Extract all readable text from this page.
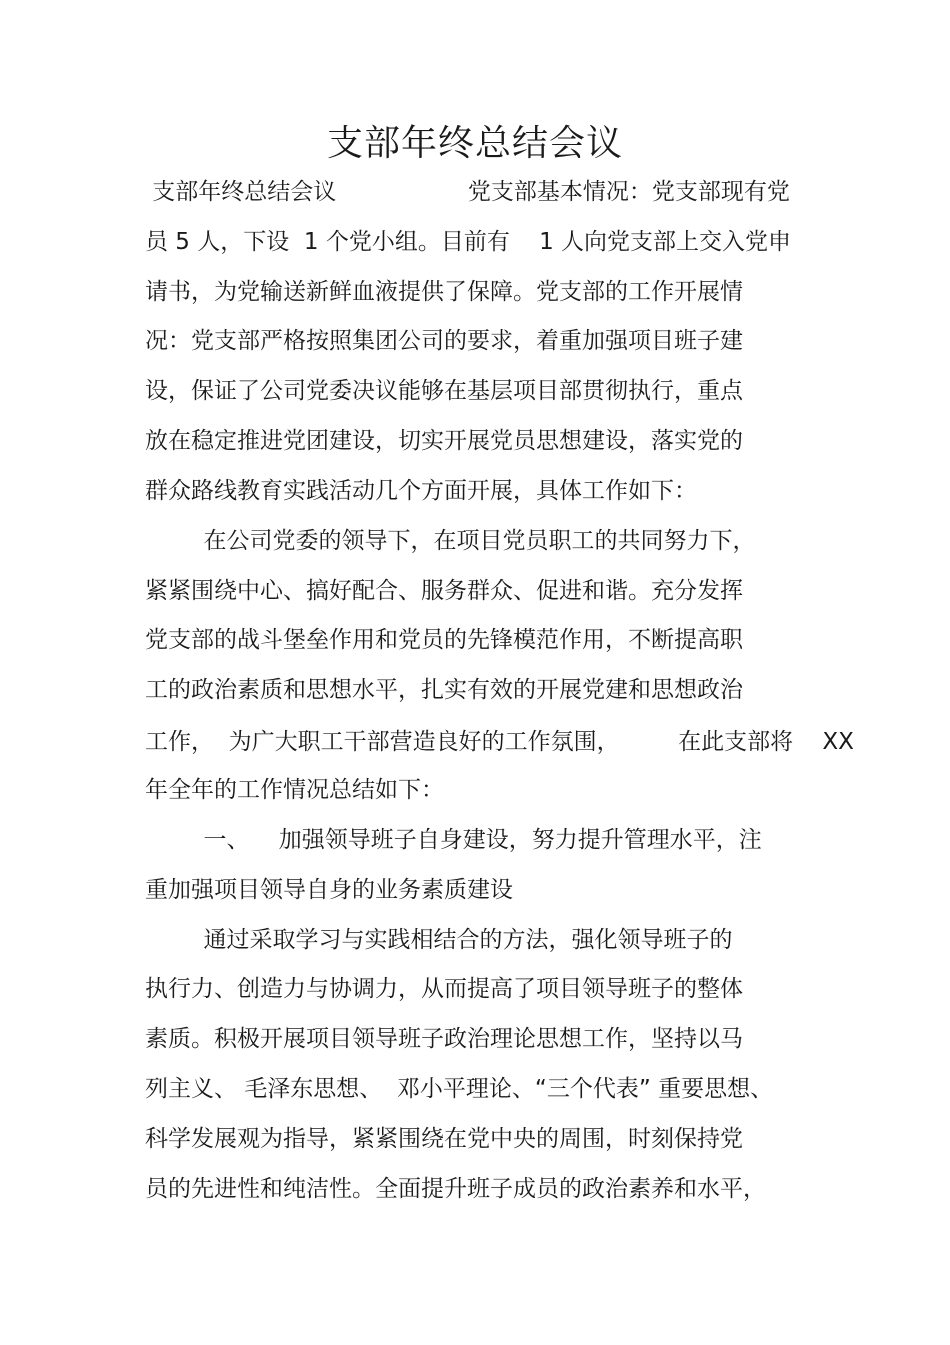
支部年终总结会议
支部年终总结会议                  党支部基本情况：党支部现有党
员 5 人，下设  1 个党小组。目前有    1 人向党支部上交入党申
请书，为党输送新鲜血液提供了保障。党支部的工作开展情
况：党支部严格按照集团公司的要求，着重加强项目班子建
设，保证了公司党委决议能够在基层项目部贯彻执行，重点
放在稳定推进党团建设，切实开展党员思想建设，落实党的
群众路线教育实践活动几个方面开展，具体工作如下：
在公司党委的领导下，在项目党员职工的共同努力下，
紧紧围绕中心、搞好配合、服务群众、促进和谐。充分发挥
党支部的战斗堡垒作用和党员的先锋模范作用，不断提高职
工的政治素质和思想水平，扎实有效的开展党建和思想政治
工作，  为广大职工干部营造良好的工作氛围，        在此支部将    XX
年全年的工作情况总结如下：
一、    加强领导班子自身建设，努力提升管理水平，注
重加强项目领导自身的业务素质建设
通过采取学习与实践相结合的方法，强化领导班子的
执行力、创造力与协调力，从而提高了项目领导班子的整体
素质。积极开展项目领导班子政治理论思想工作，坚持以马
列主义、 毛泽东思想、  邓小平理论、“三个代表” 重要思想、
科学发展观为指导，紧紧围绕在党中央的周围，时刻保持党
员的先进性和纯洁性。全面提升班子成员的政治素养和水平，
